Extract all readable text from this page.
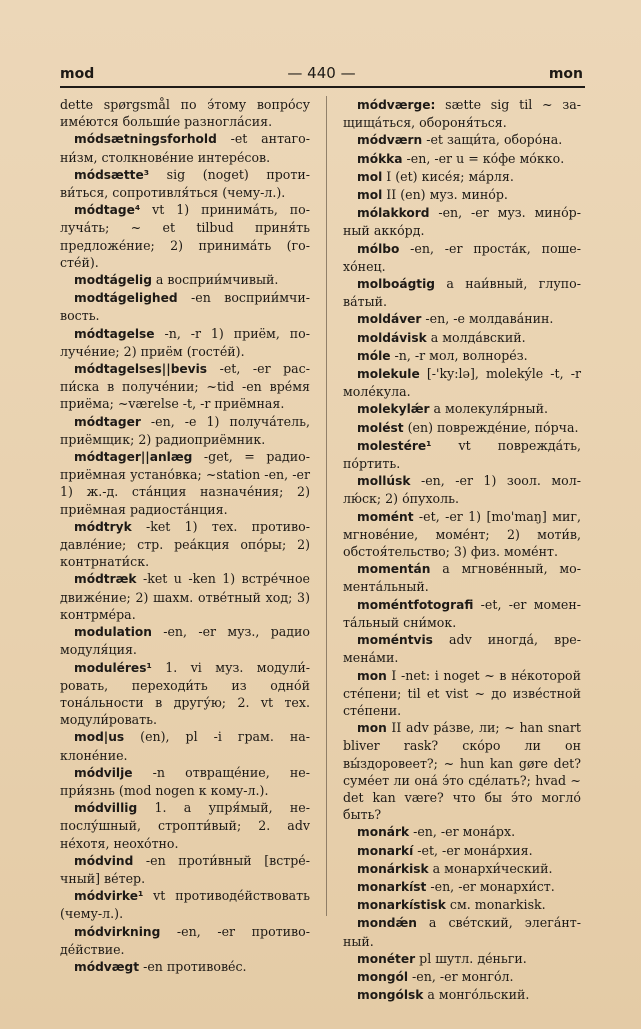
mod	— 440 —	mon
dette spørgsmål по э́тому вопро́су име́ются больши́е разногла́сия.
módsætningsforhold -et антагони́зм, столкнове́ние интере́сов.
módsætte³ sig (noget) противи́ться, сопротивля́ться (чему-л.).
módtage⁴ vt 1) принима́ть, получа́ть; ~ et tilbud приня́ть предложе́ние; 2) принима́ть (госте́й).
modtágelig a восприи́мчивый.
modtágelighed -en восприи́мчивость.
módtagelse -n, -r 1) приём, получе́ние; 2) приём (госте́й).
módtagelses||bevis -et, -er распи́ска в получе́нии; ~tid -en вре́мя приёма; ~værelse -t, -r приёмная.
módtager -en, -e 1) получа́тель, приёмщик; 2) радиоприёмник.
módtager||anlæg -get, = радиоприёмная устано́вка; ~station -en, -er 1) ж.-д. ста́нция назначе́ния; 2) приёмная радиоста́нция.
módtryk -ket 1) тех. противодавле́ние; стр. реа́кция опо́ры; 2) контрнати́ск.
módtræk -ket u -ken 1) встре́чное движе́ние; 2) шахм. отве́тный ход; 3) контрме́ра.
modulation -en, -er муз., радио модуля́ция.
moduléres¹ 1. vi муз. модули́ровать, переходи́ть из одно́й тона́льности в другу́ю; 2. vt тех. модули́ровать.
mod|us (en), pl -i грам. наклоне́ние.
módvilje -n отвраще́ние, непри́язнь (mod nogen к кому-л.).
módvillig 1. a упря́мый, непослу́шный, стропти́вый; 2. adv не́хотя, неохо́тно.
módvind -en проти́вный [встре́чный] ве́тер.
módvirke¹ vt противоде́йствовать (чему-л.).
módvirkning -en, -er противоде́йствие.
módvægt -en противове́с.
módværge: sætte sig til ~ защища́ться, обороня́ться.
módværn -et защи́та, оборо́на.
mókka -en, -er u = ко́фе мо́кко.
mol I (et) кисе́я; ма́рля.
mol II (en) муз. мино́р.
mólakkord -en, -er муз. мино́рный акко́рд.
mólbo -en, -er проста́к, пошехо́нец.
molboágtig a наи́вный, глупова́тый.
moldáver -en, -e молдава́нин.
moldávisk a молда́вский.
móle -n, -r мол, волноре́з.
molekule [-'ky:lə], molekýle -t, -r молéкула.
molekylǽr a молекуля́рный.
molést (en) поврежде́ние, по́рча.
molestére¹ vt поврежда́ть, по́ртить.
mollúsk -en, -er 1) зоол. моллю́ск; 2) о́пухоль.
momént -et, -er 1) [mo'maŋ] миг, мгнове́ние, моме́нт; 2) моти́в, обстоя́тельство; 3) физ. моме́нт.
momentán a мгнове́нный, момента́льный.
moméntfotografi -et, -er момента́льный сни́мок.
moméntvis adv иногда́, времена́ми.
mon I -net: i noget ~ в не́которой сте́пени; til et vist ~ до изве́стной сте́пени.
mon II adv ра́зве, ли; ~ han snart bliver rask? ско́ро ли он вы́здоровеет?; ~ hun kan gøre det? суме́ет ли она́ э́то сде́лать?; hvad ~ det kan være? что бы э́то могло́ быть?
monárk -en, -er мона́рх.
monarkí -et, -er мона́рхия.
monárkisk a монархи́ческий.
monarkíst -en, -er монархи́ст.
monarkístisk см. monarkisk.
mondǽn a све́тский, элега́нтный.
monéter pl шутл. де́ньги.
mongól -en, -er монго́л.
mongólsk a монго́льский.
